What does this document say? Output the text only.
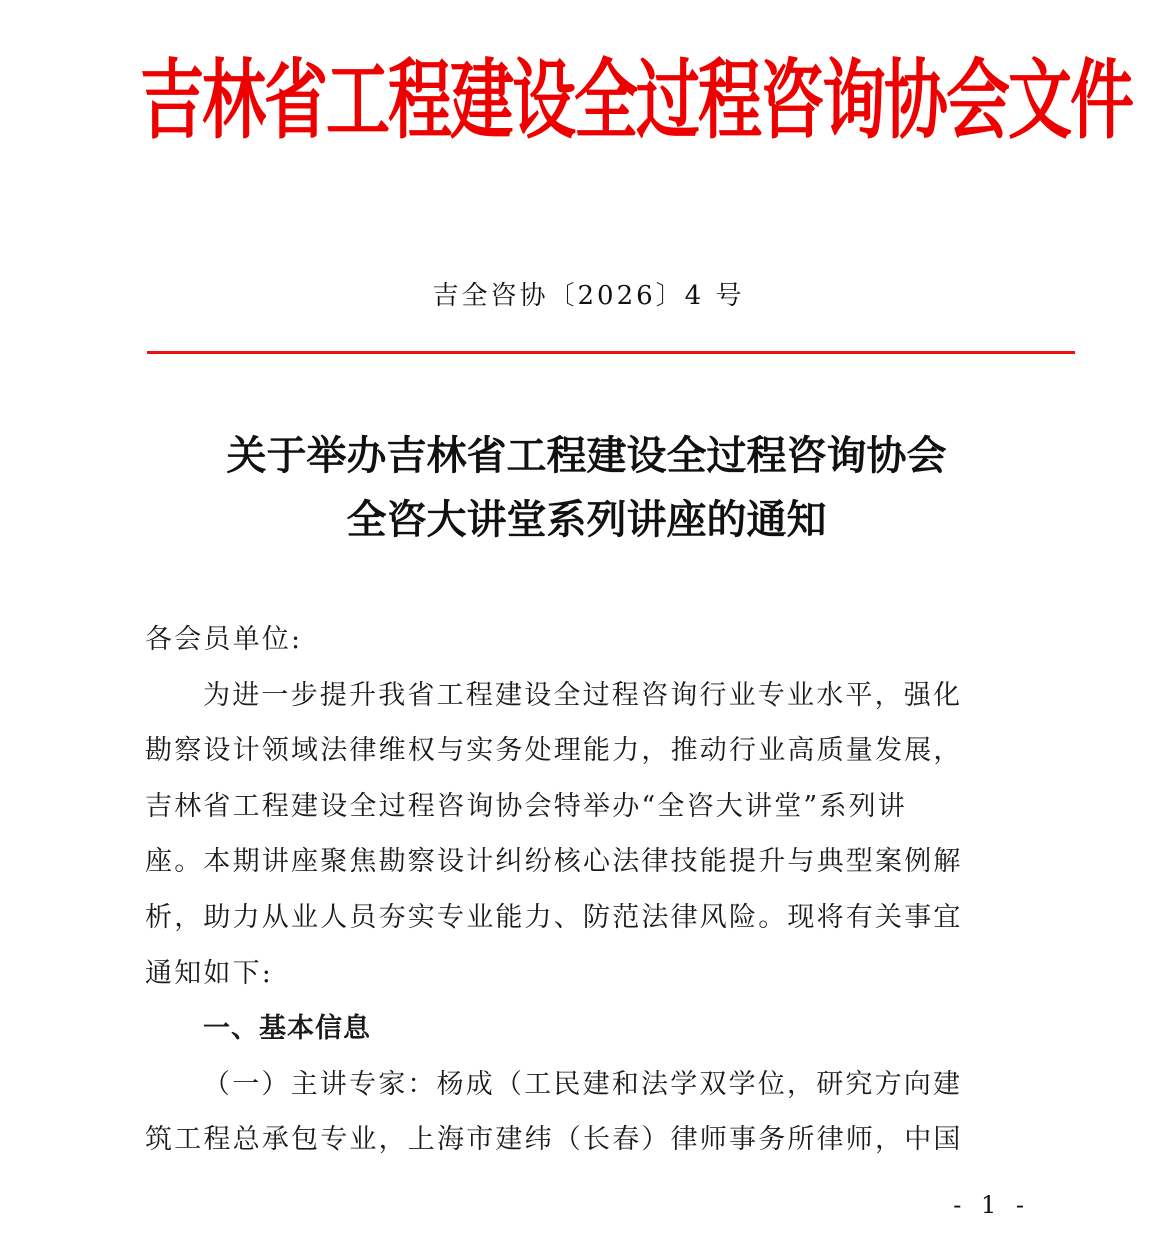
吉林省工程建设全过程咨询协会文件
吉全咨协〔2026〕4 号
关于举办吉林省工程建设全过程咨询协会
全咨大讲堂系列讲座的通知
各会员单位:
为进一步提升我省工程建设全过程咨询行业专业水平，强化
勘察设计领域法律维权与实务处理能力，推动行业高质量发展，
吉林省工程建设全过程咨询协会特举办“全咨大讲堂”系列讲
座。本期讲座聚焦勘察设计纠纷核心法律技能提升与典型案例解
析，助力从业人员夯实专业能力、防范法律风险。现将有关事宜
通知如下:
一、基本信息
（一）主讲专家：杨成（工民建和法学双学位，研究方向建
筑工程总承包专业，上海市建纬（长春）律师事务所律师，中国
- 1 -
